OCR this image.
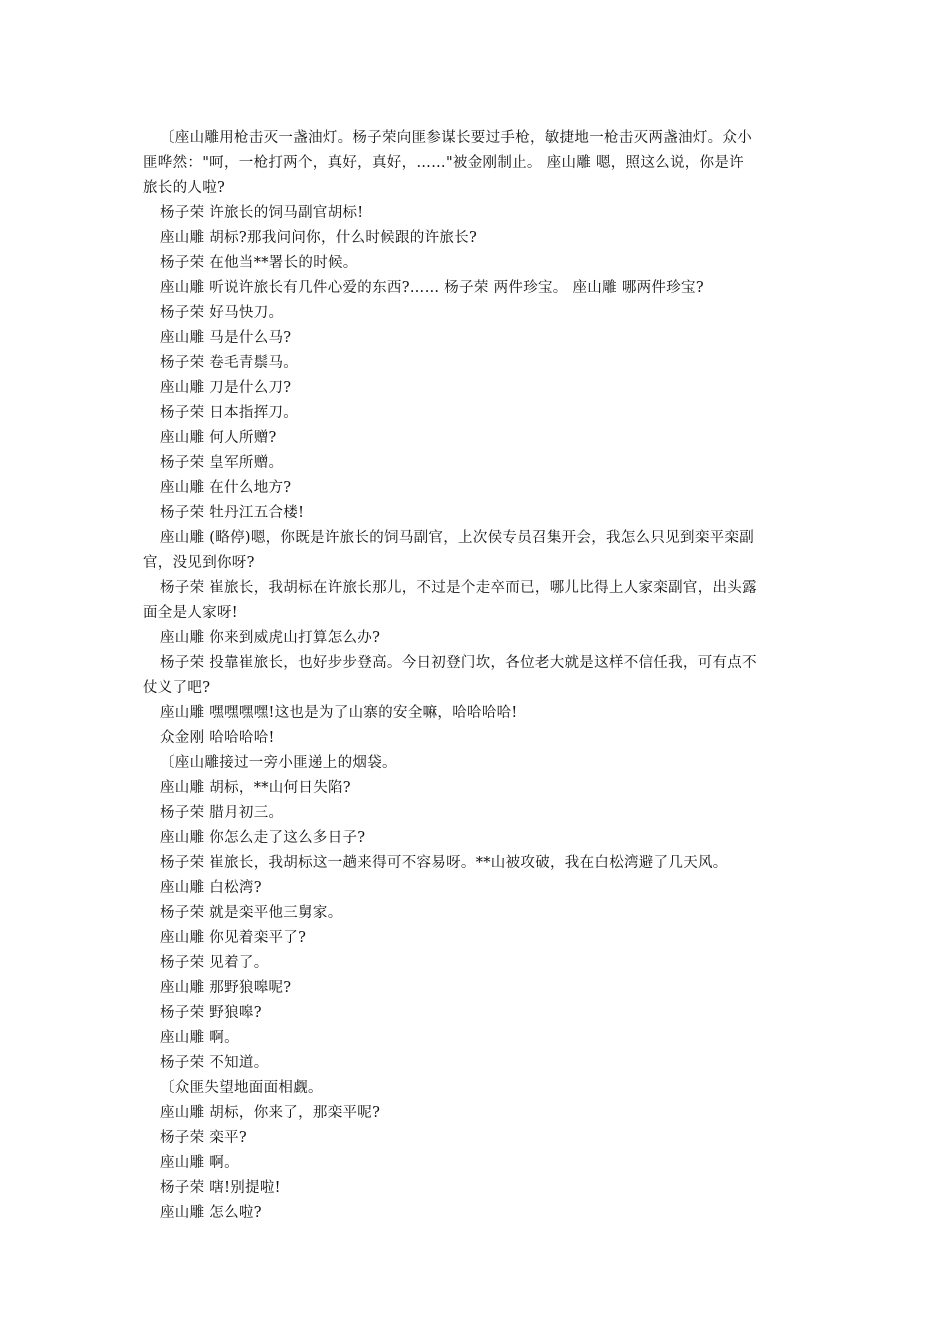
〔座山雕用枪击灭一盏油灯。杨子荣向匪参谋长要过手枪，敏捷地一枪击灭两盏油灯。众小

匪哗然："呵，一枪打两个，真好，真好，……"被金刚制止。 座山雕 嗯，照这么说，你是许

旅长的人啦?

杨子荣 许旅长的饲马副官胡标!

座山雕 胡标?那我问问你，什么时候跟的许旅长?

杨子荣 在他当**署长的时候。

座山雕 听说许旅长有几件心爱的东西?…… 杨子荣 两件珍宝。 座山雕 哪两件珍宝?

杨子荣 好马快刀。

座山雕 马是什么马?

杨子荣 卷毛青鬃马。

座山雕 刀是什么刀?

杨子荣 日本指挥刀。

座山雕 何人所赠?

杨子荣 皇军所赠。

座山雕 在什么地方?

杨子荣 牡丹江五合楼!

座山雕 (略停)嗯，你既是许旅长的饲马副官，上次侯专员召集开会，我怎么只见到栾平栾副

官，没见到你呀?

杨子荣 崔旅长，我胡标在许旅长那儿，不过是个走卒而已，哪儿比得上人家栾副官，出头露

面全是人家呀!

座山雕 你来到威虎山打算怎么办?

杨子荣 投靠崔旅长，也好步步登高。今日初登门坎，各位老大就是这样不信任我，可有点不

仗义了吧?

座山雕 嘿嘿嘿嘿!这也是为了山寨的安全嘛，哈哈哈哈!

众金刚 哈哈哈哈!

〔座山雕接过一旁小匪递上的烟袋。

座山雕 胡标，**山何日失陷?

杨子荣 腊月初三。

座山雕 你怎么走了这么多日子?

杨子荣 崔旅长，我胡标这一趟来得可不容易呀。**山被攻破，我在白松湾避了几天风。

座山雕 白松湾?

杨子荣 就是栾平他三舅家。

座山雕 你见着栾平了?

杨子荣 见着了。

座山雕 那野狼嗥呢?

杨子荣 野狼嗥?

座山雕 啊。

杨子荣 不知道。

〔众匪失望地面面相觑。

座山雕 胡标，你来了，那栾平呢?

杨子荣 栾平?

座山雕 啊。

杨子荣 嗐!别提啦!

座山雕 怎么啦?
